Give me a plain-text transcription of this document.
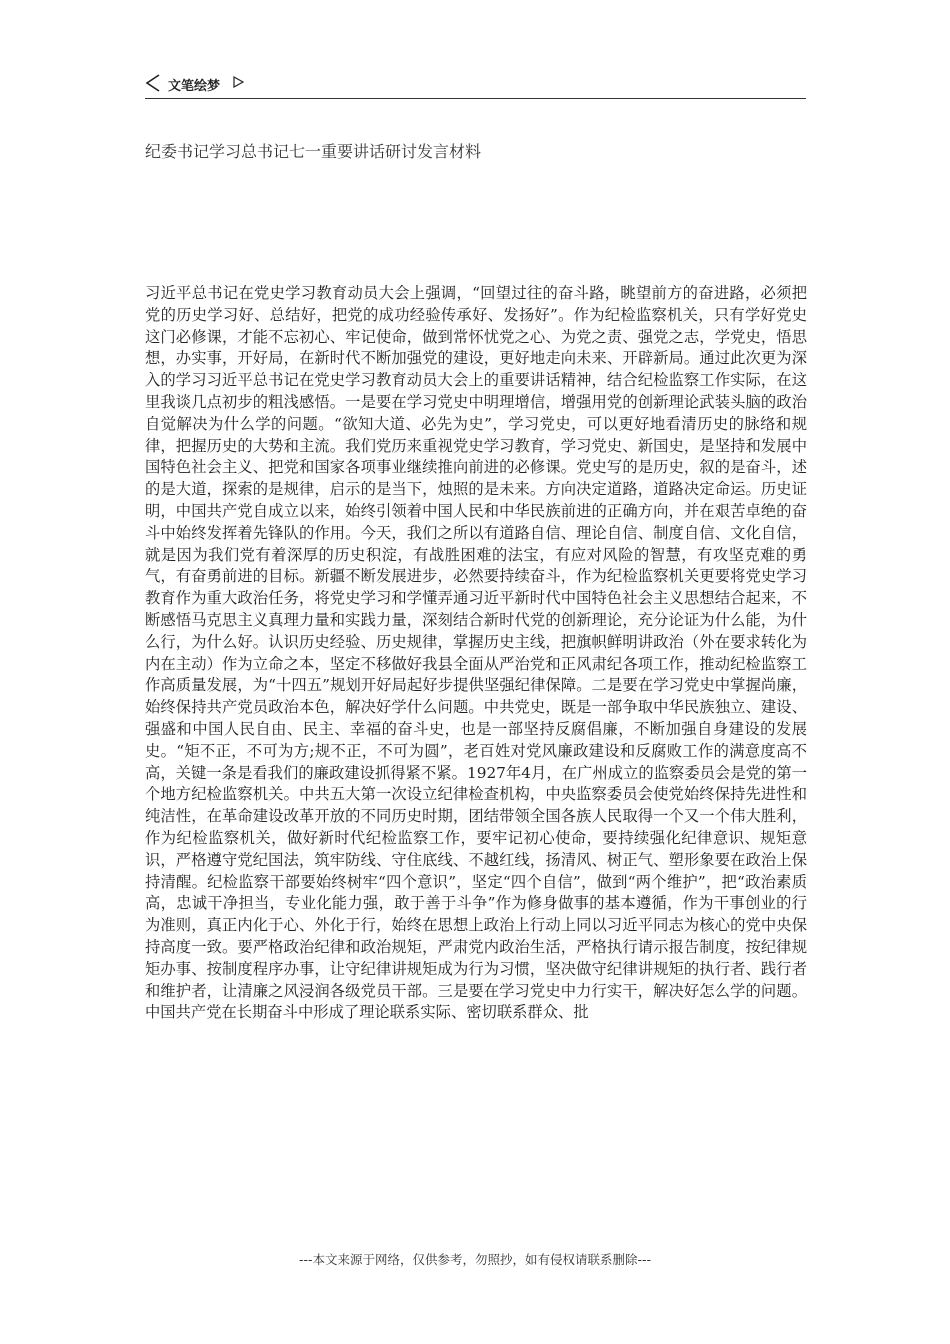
文笔绘梦
纪委书记学习总书记七一重要讲话研讨发言材料

习近平总书记在党史学习教育动员大会上强调，“回望过往的奋斗路，眺望前方的奋进路，必须把党的历史学习好、总结好，把党的成功经验传承好、发扬好”。作为纪检监察机关，只有学好党史这门必修课，才能不忘初心、牢记使命，做到常怀忧党之心、为党之责、强党之志，学党史，悟思想，办实事，开好局，在新时代不断加强党的建设，更好地走向未来、开辟新局。通过此次更为深入的学习习近平总书记在党史学习教育动员大会上的重要讲话精神，结合纪检监察工作实际，在这里我谈几点初步的粗浅感悟。一是要在学习党史中明理增信，增强用党的创新理论武装头脑的政治自觉解决为什么学的问题。“欲知大道、必先为史”，学习党史，可以更好地看清历史的脉络和规律，把握历史的大势和主流。我们党历来重视党史学习教育，学习党史、新国史，是坚持和发展中国特色社会主义、把党和国家各项事业继续推向前进的必修课。党史写的是历史，叙的是奋斗，述的是大道，探索的是规律，启示的是当下，烛照的是未来。方向决定道路，道路决定命运。历史证明，中国共产党自成立以来，始终引领着中国人民和中华民族前进的正确方向，并在艰苦卓绝的奋斗中始终发挥着先锋队的作用。今天，我们之所以有道路自信、理论自信、制度自信、文化自信，就是因为我们党有着深厚的历史积淀，有战胜困难的法宝，有应对风险的智慧，有攻坚克难的勇气，有奋勇前进的目标。新疆不断发展进步，必然要持续奋斗，作为纪检监察机关更要将党史学习教育作为重大政治任务，将党史学习和学懂弄通习近平新时代中国特色社会主义思想结合起来，不断感悟马克思主义真理力量和实践力量，深刻结合新时代党的创新理论，充分论证为什么能，为什么行，为什么好。认识历史经验、历史规律，掌握历史主线，把旗帜鲜明讲政治（外在要求转化为内在主动）作为立命之本，坚定不移做好我县全面从严治党和正风肃纪各项工作，推动纪检监察工作高质量发展，为“十四五”规划开好局起好步提供坚强纪律保障。二是要在学习党史中掌握尚廉，始终保持共产党员政治本色，解决好学什么问题。中共党史，既是一部争取中华民族独立、建设、强盛和中国人民自由、民主、幸福的奋斗史，也是一部坚持反腐倡廉，不断加强自身建设的发展史。“矩不正，不可为方;规不正，不可为圆”，老百姓对党风廉政建设和反腐败工作的满意度高不高，关键一条是看我们的廉政建设抓得紧不紧。1927年4月，在广州成立的监察委员会是党的第一个地方纪检监察机关。中共五大第一次设立纪律检查机构，中央监察委员会使党始终保持先进性和纯洁性，在革命建设改革开放的不同历史时期，团结带领全国各族人民取得一个又一个伟大胜利，作为纪检监察机关，做好新时代纪检监察工作，要牢记初心使命，要持续强化纪律意识、规矩意识，严格遵守党纪国法，筑牢防线、守住底线、不越红线，扬清风、树正气、塑形象要在政治上保持清醒。纪检监察干部要始终树牢“四个意识”，坚定“四个自信”，做到“两个维护”，把“政治素质高，忠诚干净担当，专业化能力强，敢于善于斗争”作为修身做事的基本遵循，作为干事创业的行为准则，真正内化于心、外化于行，始终在思想上政治上行动上同以习近平同志为核心的党中央保持高度一致。要严格政治纪律和政治规矩，严肃党内政治生活，严格执行请示报告制度，按纪律规矩办事、按制度程序办事，让守纪律讲规矩成为行为习惯，坚决做守纪律讲规矩的执行者、践行者和维护者，让清廉之风浸润各级党员干部。三是要在学习党史中力行实干，解决好怎么学的问题。中国共产党在长期奋斗中形成了理论联系实际、密切联系群众、批

---本文来源于网络，仅供参考，勿照抄，如有侵权请联系删除---
